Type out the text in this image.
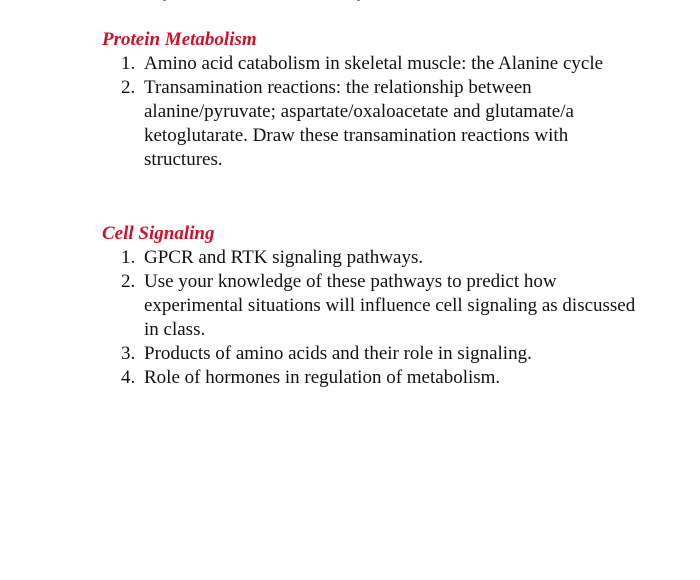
Protein Metabolism
1. Amino acid catabolism in skeletal muscle: the Alanine cycle
2. Transamination reactions: the relationship between alanine/pyruvate; aspartate/oxaloacetate and glutamate/a ketoglutarate. Draw these transamination reactions with structures.
Cell Signaling
1. GPCR and RTK signaling pathways.
2. Use your knowledge of these pathways to predict how experimental situations will influence cell signaling as discussed in class.
3. Products of amino acids and their role in signaling.
4. Role of hormones in regulation of metabolism.
